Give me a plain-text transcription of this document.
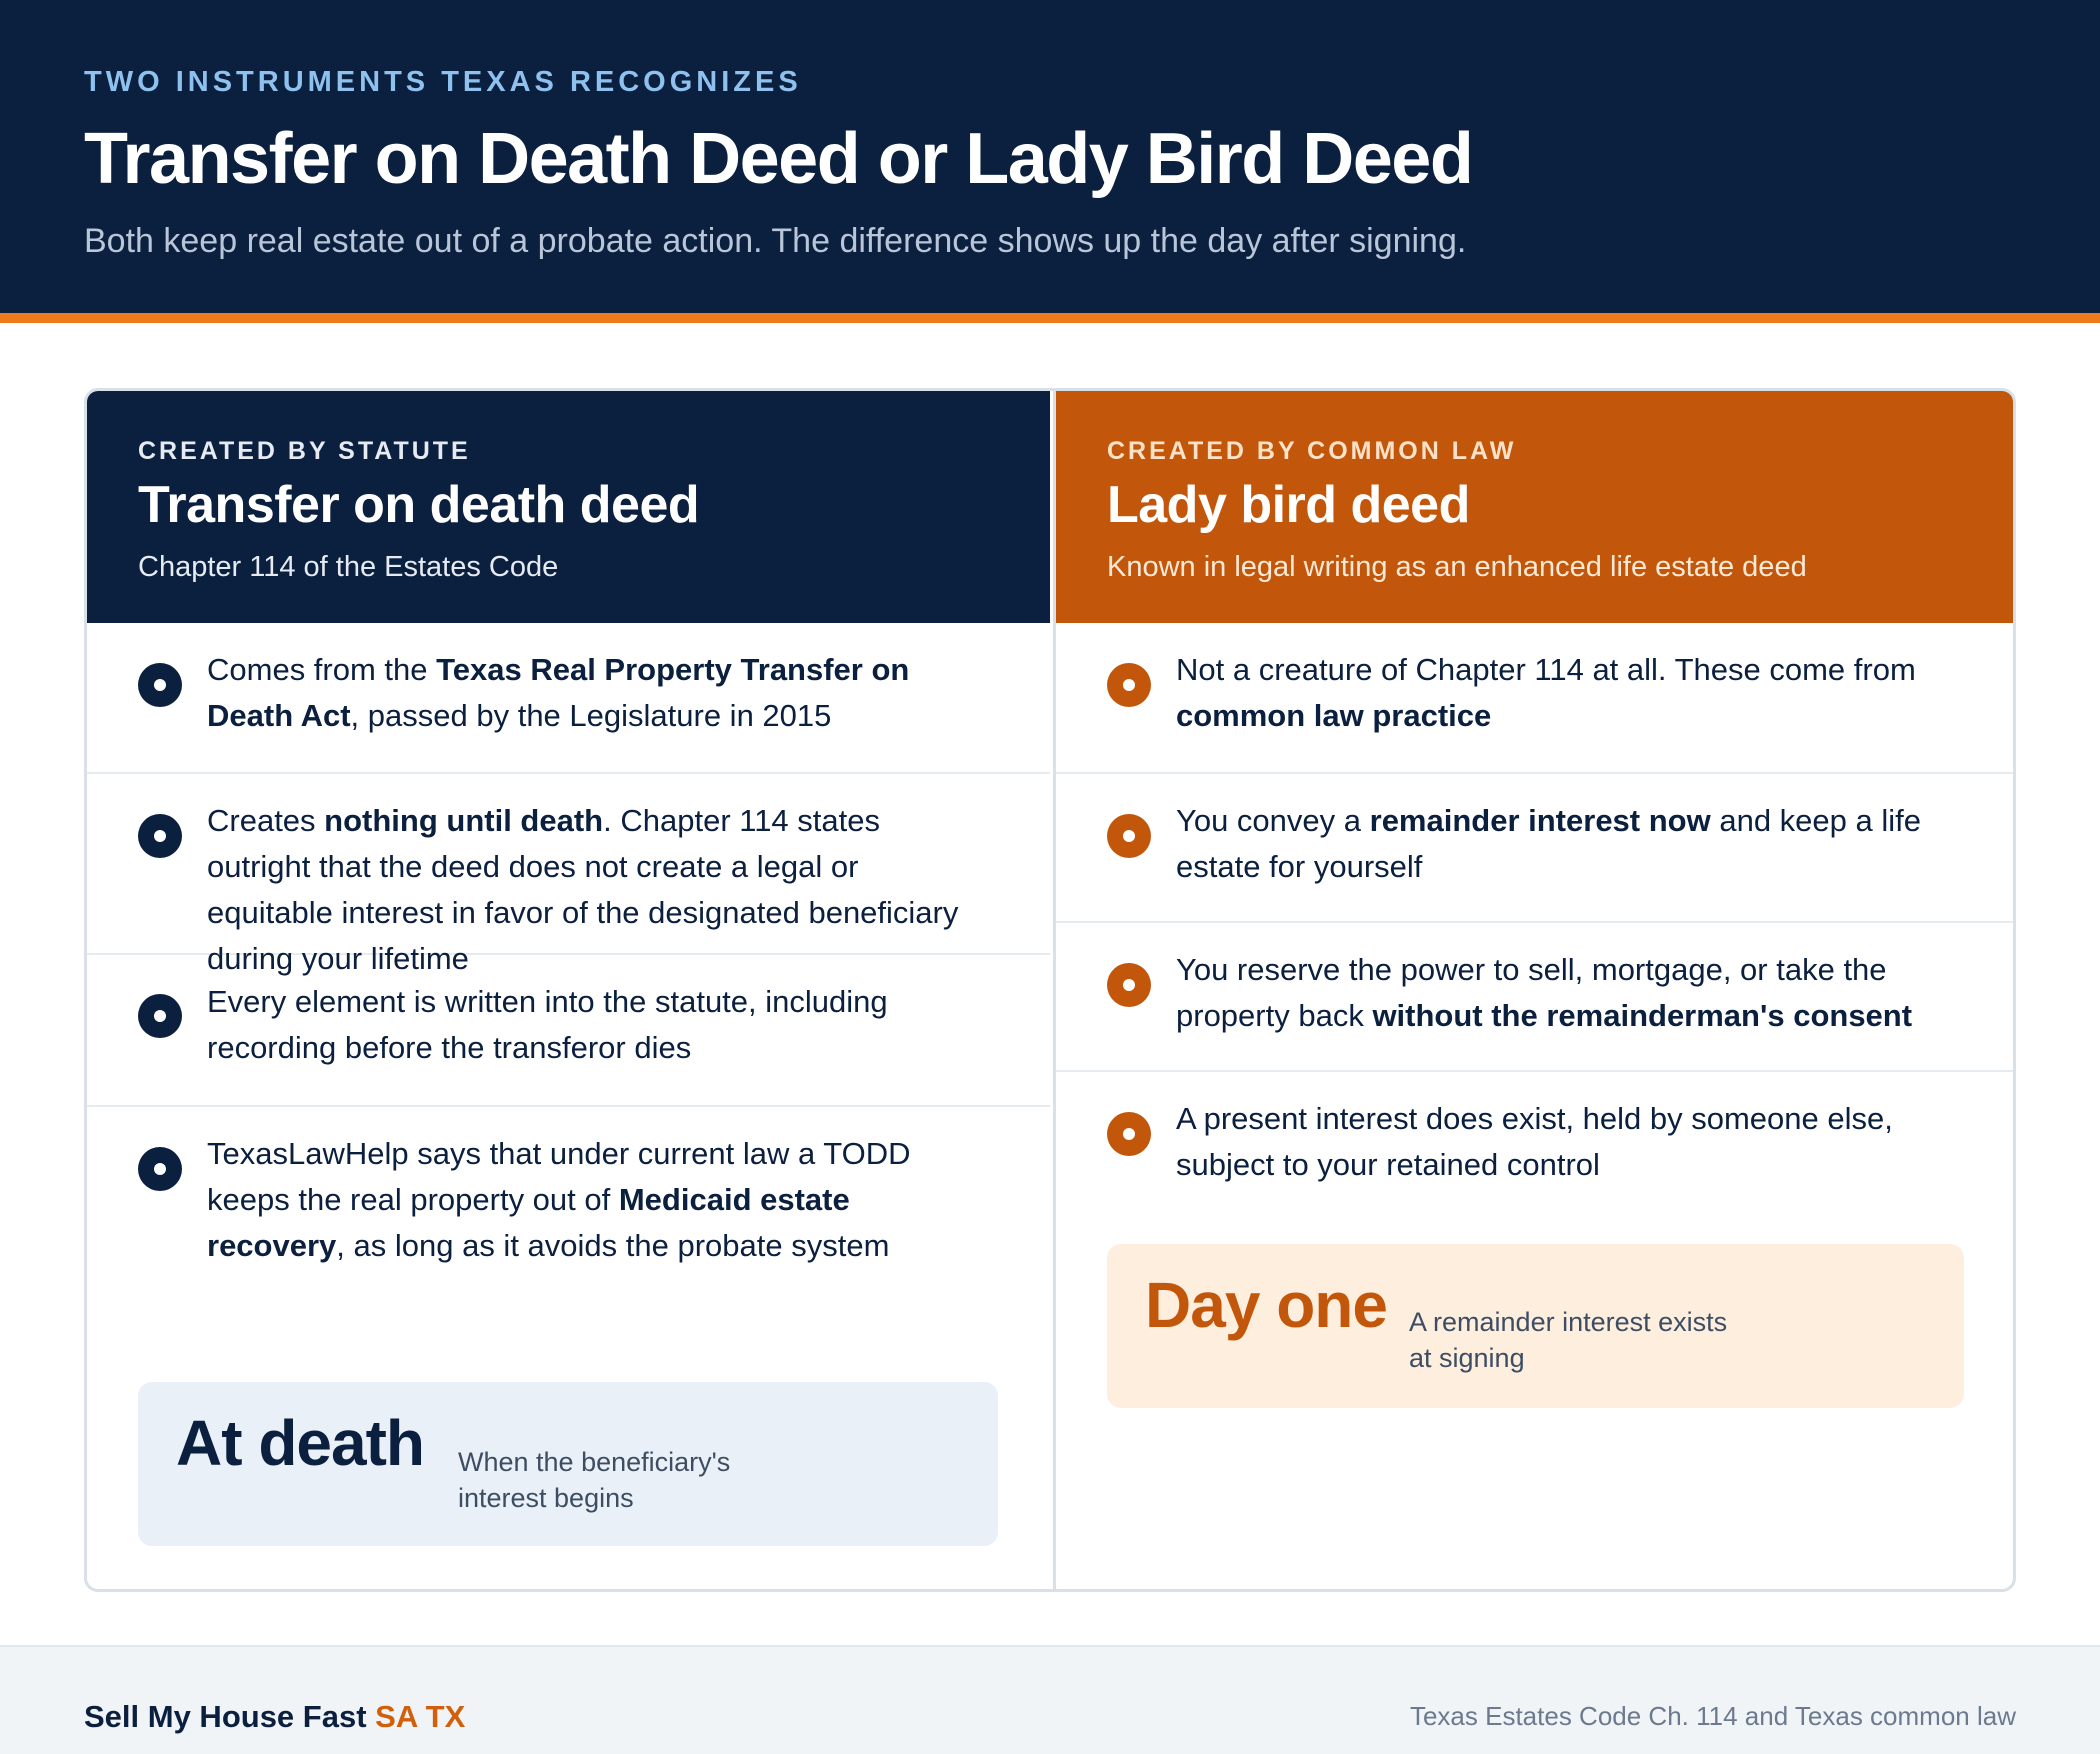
TWO INSTRUMENTS TEXAS RECOGNIZES
Transfer on Death Deed or Lady Bird Deed

Both keep real estate out of a probate action. The difference shows up the day after signing.

CREATED BY STATUTE
Transfer on death deed
Chapter 114 of the Estates Code

Comes from the Texas Real Property Transfer on Death Act, passed by the Legislature in 2015

Creates nothing until death. Chapter 114 states outright that the deed does not create a legal or equitable interest in favor of the designated beneficiary during your lifetime

Every element is written into the statute, including recording before the transferor dies

TexasLawHelp says that under current law a TODD keeps the real property out of Medicaid estate recovery, as long as it avoids the probate system

At death When the beneficiary's interest begins
CREATED BY COMMON LAW
Lady bird deed
Known in legal writing as an enhanced life estate deed

Not a creature of Chapter 114 at all. These come from common law practice

You convey a remainder interest now and keep a life estate for yourself

You reserve the power to sell, mortgage, or take the property back without the remainderman's consent

A present interest does exist, held by someone else, subject to your retained control

Day one A remainder interest exists at signing
Sell My House Fast SA TX	Texas Estates Code Ch. 114 and Texas common law
